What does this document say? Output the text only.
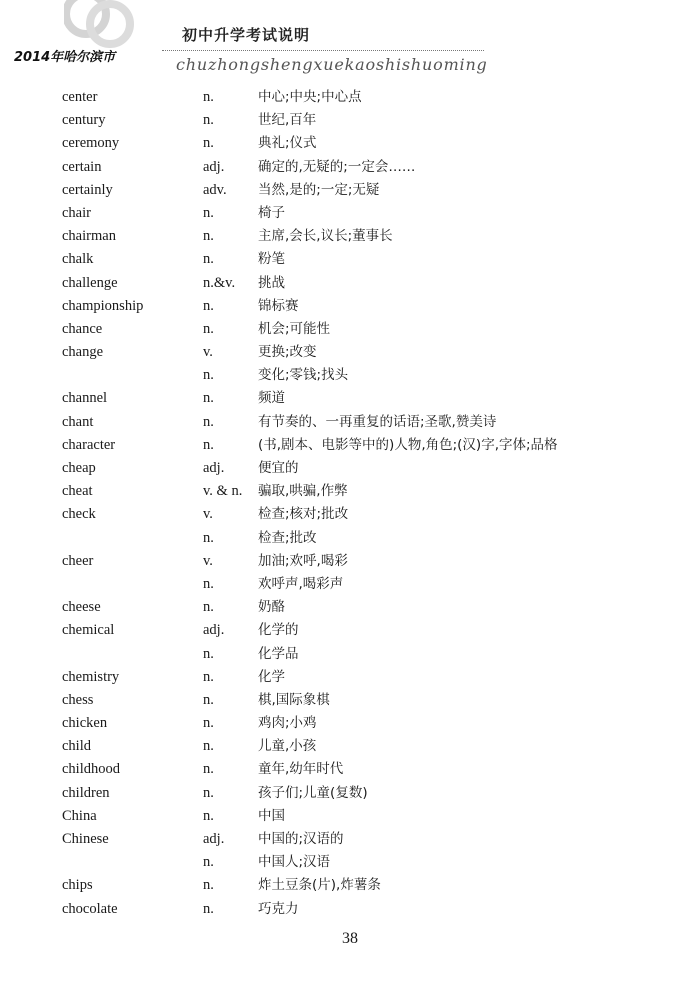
初中升学考试说明
2014年哈尔滨市	chuzhongshengxuekaoshishuoming
center	n.	中心;中央;中心点
century	n.	世纪,百年
ceremony	n.	典礼;仪式
certain	adj. 确定的,无疑的;一定会……
certainly	adv. 当然,是的;一定;无疑
chair	n.	椅子
chairman	n.	主席,会长,议长;董事长
chalk	n.	粉笔
challenge	n.&v. 挑战
championship	n.	锦标赛
chance	n.	机会;可能性
change	v.	更换;改变
n.	变化;零钱;找头
channel	n.	频道
chant	n.	有节奏的、一再重复的话语;圣歌,赞美诗
character	n.	(书,剧本、电影等中的)人物,角色;(汉)字,字体;品格
cheap	adj. 便宜的
cheat	v. & n. 骗取,哄骗,作弊
check	v.	检查;核对;批改
n.	检查;批改
cheer	v.	加油;欢呼,喝彩
n.	欢呼声,喝彩声
cheese	n.	奶酪
chemical	adj. 化学的
n.	化学品
chemistry	n.	化学
chess	n.	棋,国际象棋
chicken	n.	鸡肉;小鸡
child	n.	儿童,小孩
childhood	n.	童年,幼年时代
children	n.	孩子们;儿童(复数)
China	n.	中国
Chinese	adj. 中国的;汉语的
n.	中国人;汉语
chips	n.	炸土豆条(片),炸薯条
chocolate	n.	巧克力
38
